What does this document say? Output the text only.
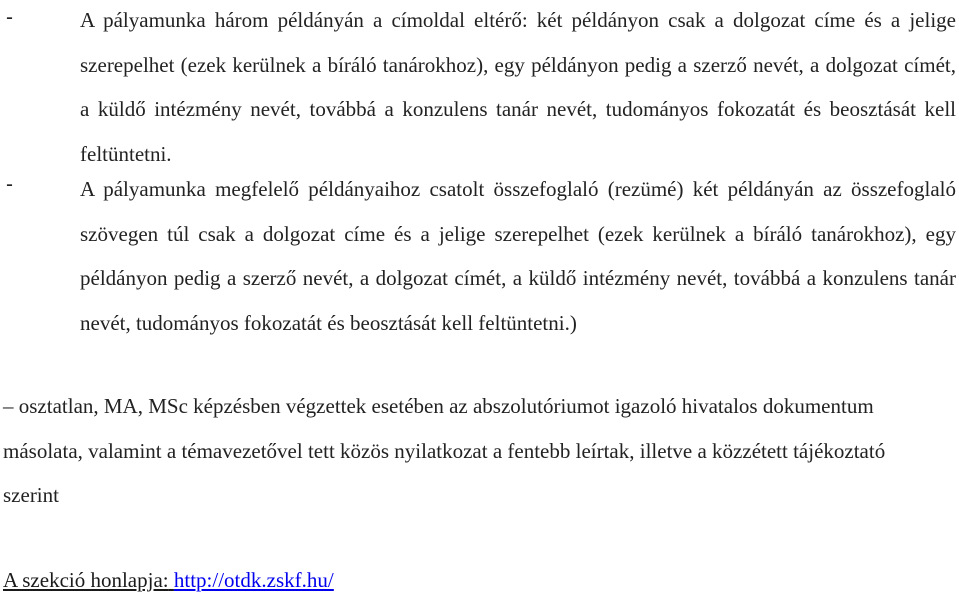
-	A pályamunka három példányán a címoldal eltérő: két példányon csak a dolgozat címe és a jelige szerepelhet (ezek kerülnek a bíráló tanárokhoz), egy példányon pedig a szerző nevét, a dolgozat címét, a küldő intézmény nevét, továbbá a konzulens tanár nevét, tudományos fokozatát és beosztását kell feltüntetni.
-	A pályamunka megfelelő példányaihoz csatolt összefoglaló (rezümé) két példányán az összefoglaló szövegen túl csak a dolgozat címe és a jelige szerepelhet (ezek kerülnek a bíráló tanárokhoz), egy példányon pedig a szerző nevét, a dolgozat címét, a küldő intézmény nevét, továbbá a konzulens tanár nevét, tudományos fokozatát és beosztását kell feltüntetni.)
– osztatlan, MA, MSc képzésben végzettek esetében az abszolutóriumot igazoló hivatalos dokumentum másolata, valamint a témavezetővel tett közös nyilatkozat a fentebb leírtak, illetve a közzétett tájékoztató szerint
A szekció honlapja: http://otdk.zskf.hu/
